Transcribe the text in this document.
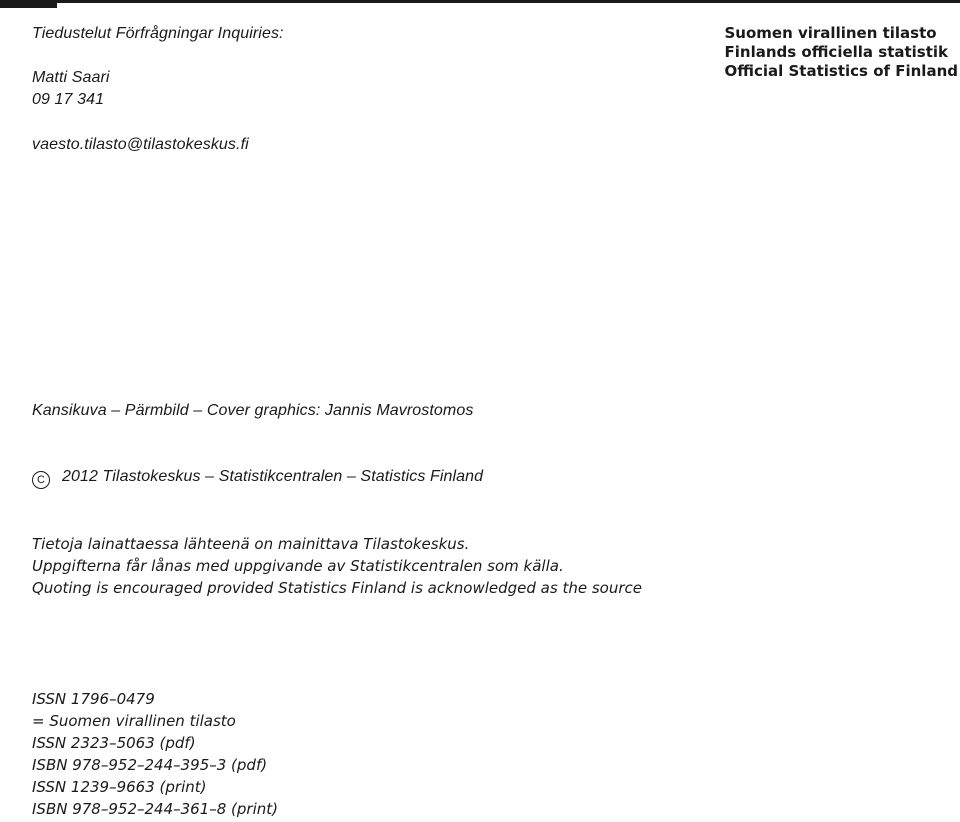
Tiedustelut Förfrågningar Inquiries:

Matti Saari

09 17 341

vaesto.tilasto@tilastokeskus.fi

Suomen virallinen tilasto
Finlands officiella statistik
Official Statistics of Finland

Kansikuva – Pärmbild – Cover graphics: Jannis Mavrostomos

C 2012 Tilastokeskus – Statistikcentralen – Statistics Finland

Tietoja lainattaessa lähteenä on mainittava Tilastokeskus.
Uppgifterna får lånas med uppgivande av Statistikcentralen som källa.
Quoting is encouraged provided Statistics Finland is acknowledged as the source
ISSN 1796–0479
= Suomen virallinen tilasto
ISSN 2323–5063 (pdf)
ISBN 978–952–244–395–3 (pdf)
ISSN 1239–9663 (print)
ISBN 978–952–244–361–8 (print)
